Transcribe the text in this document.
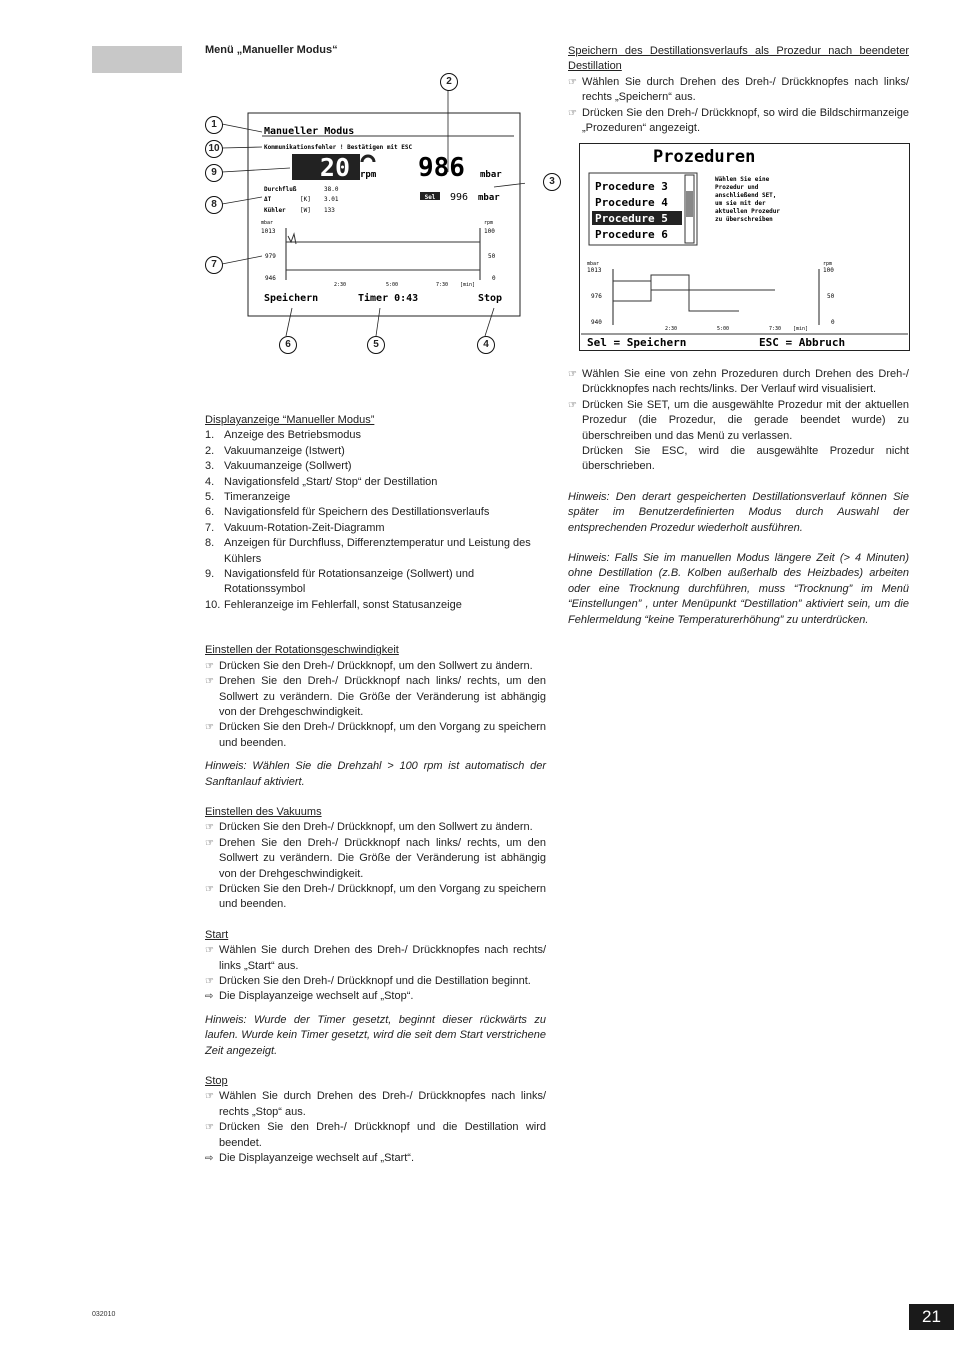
Menü „Manueller Modus“
Manueller Modus
Kommunikationsfehler ! Bestätigen mit ESC
20 rpm 986 mbar
Durchfluß	38.0
ΔT	[K] 3.01
Kühler [W] 133
Sel 996 mbar
mbar	rpm
1013
979
946
100
50
0
2:30	5:00	7:30 [min]
Speichern	Timer 0:43	Stop
1
2
3
4
5
6
7
8
9
10	Prozeduren
Procedure 3
Procedure 4
Procedure 5
Procedure 6
Wählen Sie eine
Prozedur und
anschließend SET,
um sie mit der
aktuellen Prozedur
zu überschreiben
mbar	rpm
1013
976
940
100
50
0
2:30	5:00	7:30 [min]
Sel = Speichern	ESC = Abbruch

Displayanzeige “Manueller Modus”

1. Anzeige des Betriebsmodus
2. Vakuumanzeige (Istwert)
3. Vakuumanzeige (Sollwert)
4. Navigationsfeld „Start/ Stop“ der Destillation
5. Timeranzeige
6. Navigationsfeld für Speichern des Destillationsverlaufs
7. Vakuum-Rotation-Zeit-Diagramm
8. Anzeigen für Durchfluss, Differenztemperatur und Leistung des Kühlers
9. Navigationsfeld für Rotationsanzeige (Sollwert) und Rotationssymbol
10. Fehleranzeige im Fehlerfall, sonst Statusanzeige

Einstellen der Rotationsgeschwindigkeit

☞ Drücken Sie den Dreh-/ Drückknopf, um den Sollwert zu ändern.
☞ Drehen Sie den Dreh-/ Drückknopf nach links/ rechts, um den Sollwert zu verändern. Die Größe der Veränderung ist abhängig von der Drehgeschwindigkeit.
☞ Drücken Sie den Dreh-/ Drückknopf, um den Vorgang zu speichern und beenden.

Hinweis: Wählen Sie die Drehzahl > 100 rpm ist automatisch der Sanftanlauf aktiviert.

Einstellen des Vakuums

☞ Drücken Sie den Dreh-/ Drückknopf, um den Sollwert zu ändern.
☞ Drehen Sie den Dreh-/ Drückknopf nach links/ rechts, um den Sollwert zu verändern. Die Größe der Veränderung ist abhängig von der Drehgeschwindigkeit.
☞ Drücken Sie den Dreh-/ Drückknopf, um den Vorgang zu speichern und beenden.

Start

☞ Wählen Sie durch Drehen des Dreh-/ Drückknopfes nach rechts/ links „Start“ aus.
☞ Drücken Sie den Dreh-/ Drückknopf und die Destillation beginnt.
⇨ Die Displayanzeige wechselt auf „Stop“.

Hinweis: Wurde der Timer gesetzt, beginnt dieser rückwärts zu laufen. Wurde kein Timer gesetzt, wird die seit dem Start verstrichene Zeit angezeigt.

Stop

☞ Wählen Sie durch Drehen des Dreh-/ Drückknopfes nach links/ rechts „Stop“ aus.
☞ Drücken Sie den Dreh-/ Drückknopf und die Destillation wird beendet.
⇨ Die Displayanzeige wechselt auf „Start“.

Speichern des Destillationsverlaufs als Prozedur nach beendeter Destillation

☞ Wählen Sie durch Drehen des Dreh-/ Drückknopfes nach links/ rechts „Speichern“ aus.
☞ Drücken Sie den Dreh-/ Drückknopf, so wird die Bildschirmanzeige „Prozeduren“ angezeigt.
☞ Wählen Sie eine von zehn Prozeduren durch Drehen des Dreh-/ Drückknopfes nach rechts/links. Der Verlauf wird visualisiert.
☞ Drücken Sie SET, um die ausgewählte Prozedur mit der aktuellen Prozedur (die Prozedur, die gerade beendet wurde) zu überschreiben und das Menü zu verlassen.
Drücken Sie ESC, wird die ausgewählte Prozedur nicht überschrieben.

Hinweis: Den derart gespeicherten Destillationsverlauf können Sie später im Benutzerdefinierten Modus durch Auswahl der entsprechenden Prozedur wiederholt ausführen.

Hinweis: Falls Sie im manuellen Modus längere Zeit (> 4 Minuten) ohne Destillation (z.B. Kolben außerhalb des Heizbades) arbeiten oder eine Trocknung durchführen, muss “Trocknung” im Menü “Einstellungen” , unter Menüpunkt “Destillation” aktiviert sein, um die Fehlermeldung “keine Temperaturerhöhung” zu unterdrücken.

032010	21
